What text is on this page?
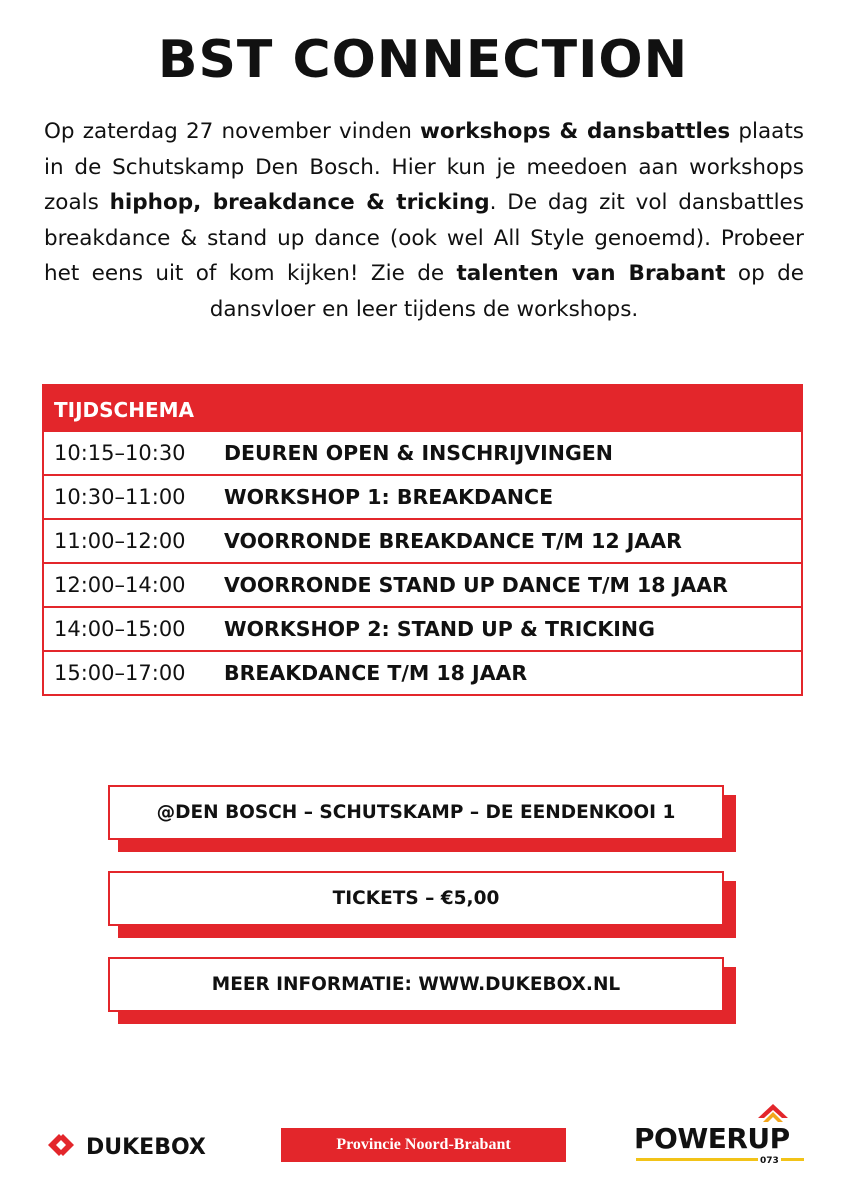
BST CONNECTION
Op zaterdag 27 november vinden workshops & dansbattles plaats in de Schutskamp Den Bosch. Hier kun je meedoen aan workshops zoals hiphop, breakdance & tricking. De dag zit vol dansbattles breakdance & stand up dance (ook wel All Style genoemd). Probeer het eens uit of kom kijken! Zie de talenten van Brabant op de dansvloer en leer tijdens de workshops.
TIJDSCHEMA
10:15–10:30	DEUREN OPEN & INSCHRIJVINGEN
10:30–11:00	WORKSHOP 1: BREAKDANCE
11:00–12:00	VOORRONDE BREAKDANCE T/M 12 JAAR
12:00–14:00	VOORRONDE STAND UP DANCE T/M 18 JAAR
14:00–15:00	WORKSHOP 2: STAND UP & TRICKING
15:00–17:00	BREAKDANCE T/M 18 JAAR
@DEN BOSCH – SCHUTSKAMP – DE EENDENKOOI 1
TICKETS – €5,00
MEER INFORMATIE: WWW.DUKEBOX.NL
DUKEBOX	Provincie Noord-Brabant	POWERUP
073
